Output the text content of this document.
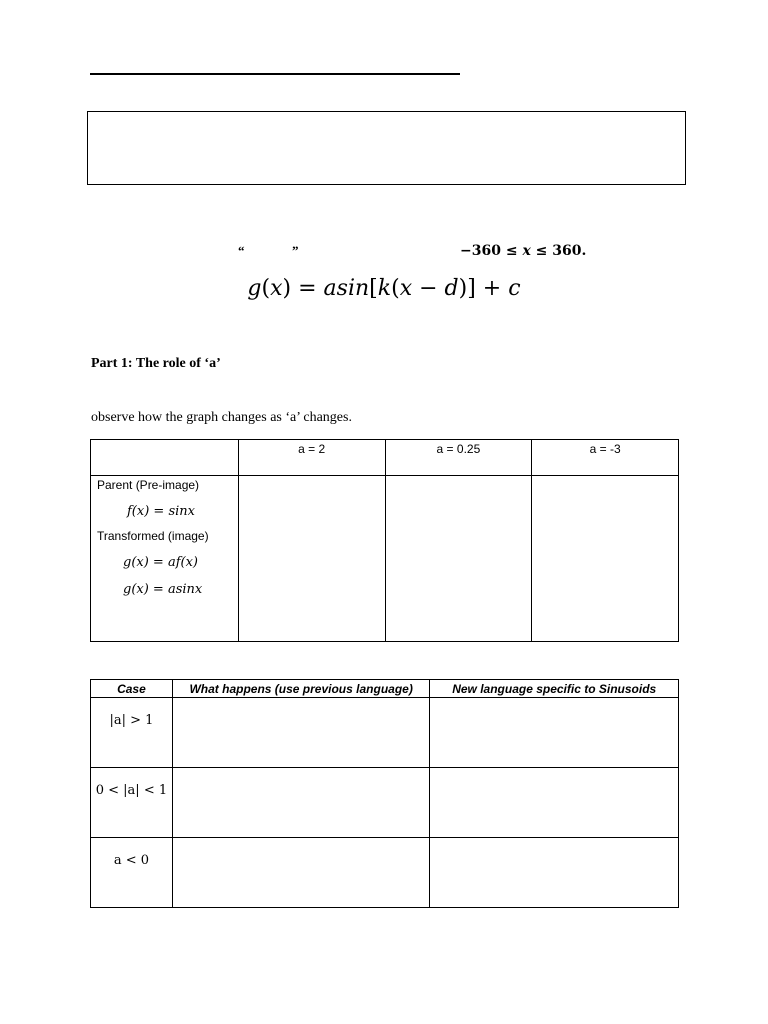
“	”	−360 ≤ x ≤ 360.
g(x) = asin[k(x − d)] + c
Part 1: The role of ‘a’
observe how the graph changes as ‘a’ changes.
	a = 2	a = 0.25	a = -3

Parent (Pre-image)
f(x) = sinx
Transformed (image)
g(x) = af(x)
g(x) = asinx			

Case	What happens (use previous language)	New language specific to Sinusoids
|a| > 1		
0 < |a| < 1		
a < 0		
